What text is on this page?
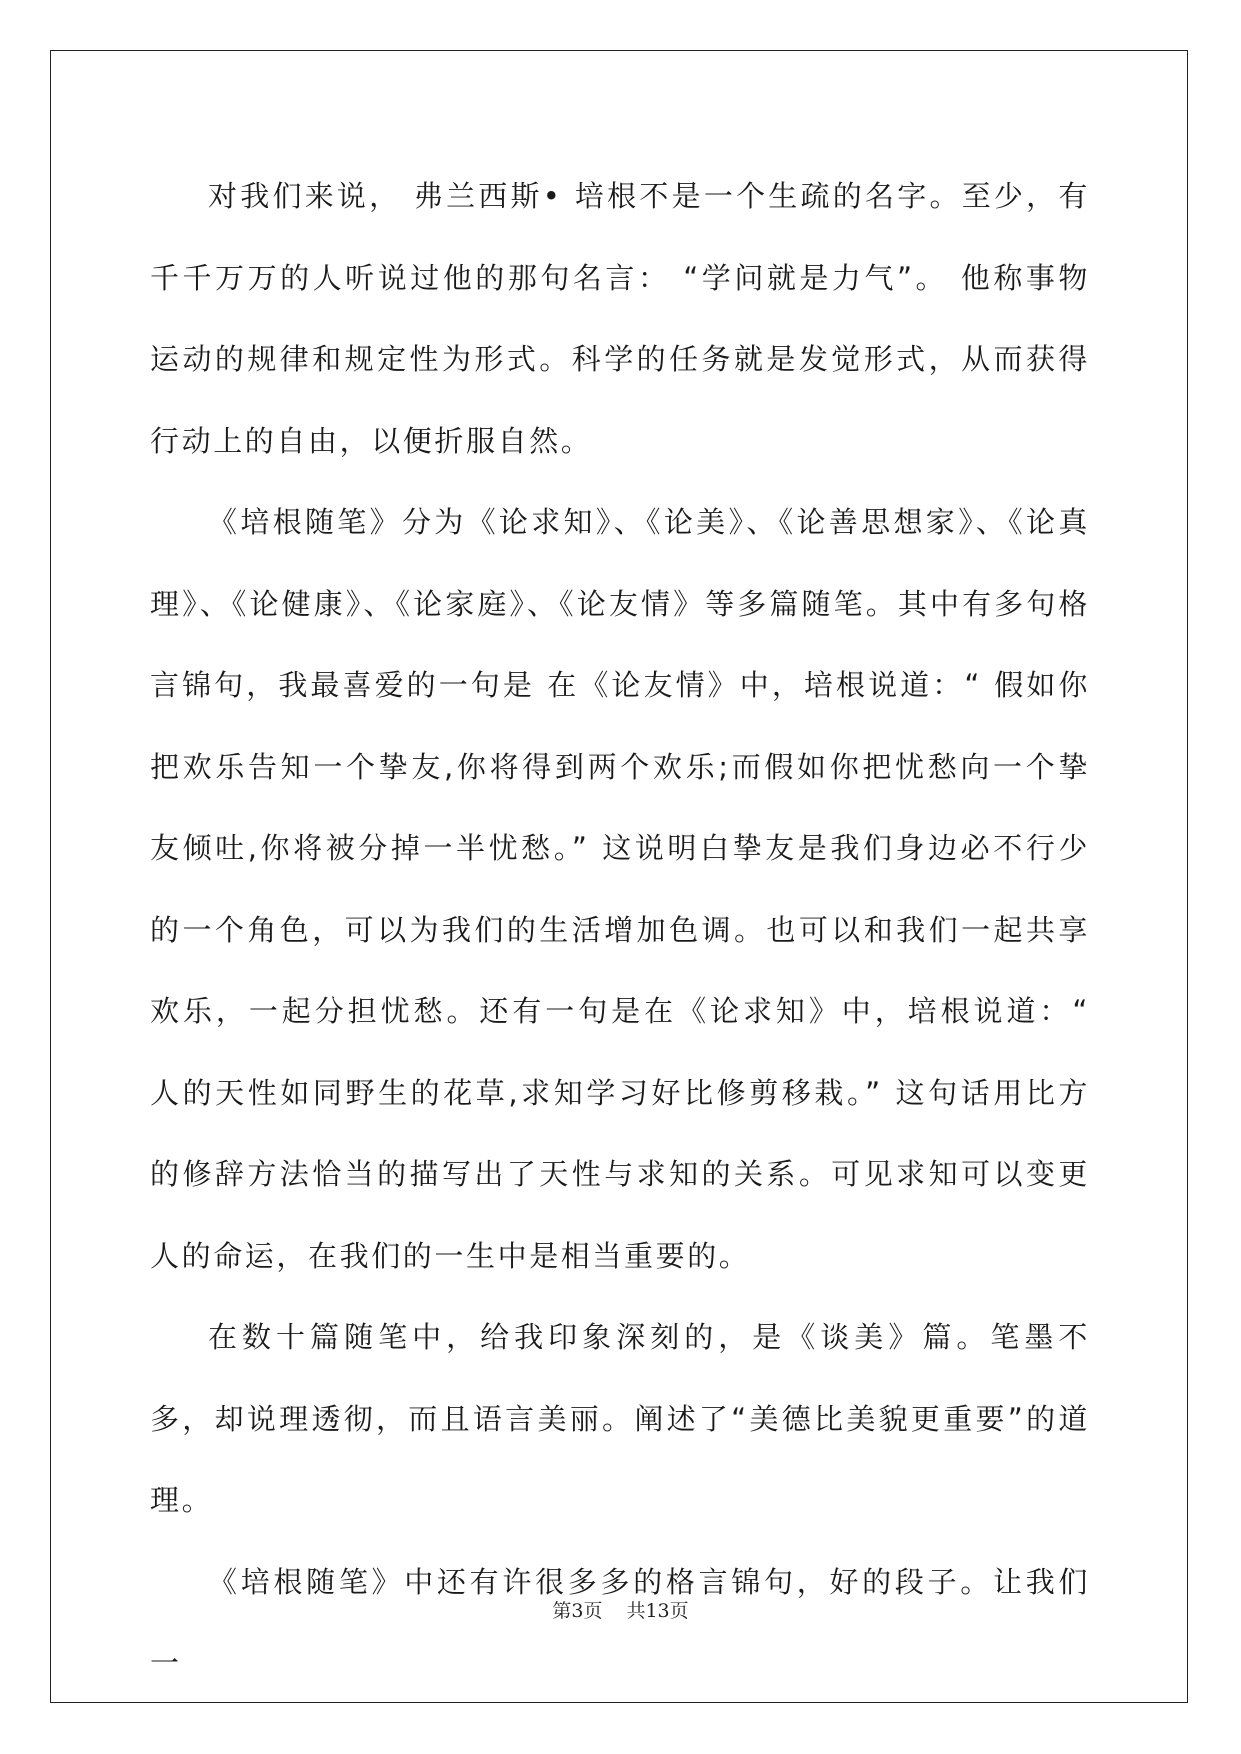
对我们来说， 弗兰西斯• 培根不是一个生疏的名字。至少，有千千万万的人听说过他的那句名言： “学问就是力气”。 他称事物运动的规律和规定性为形式。科学的任务就是发觉形式，从而获得行动上的自由，以便折服自然。

《培根随笔》分为《论求知》、《论美》、《论善思想家》、《论真理》、《论健康》、《论家庭》、《论友情》等多篇随笔。其中有多句格言锦句，我最喜爱的一句是 在《论友情》中，培根说道：“ 假如你把欢乐告知一个挚友,你将得到两个欢乐;而假如你把忧愁向一个挚友倾吐,你将被分掉一半忧愁。” 这说明白挚友是我们身边必不行少的一个角色，可以为我们的生活增加色调。也可以和我们一起共享欢乐，一起分担忧愁。还有一句是在《论求知》中，培根说道：“ 人的天性如同野生的花草,求知学习好比修剪移栽。” 这句话用比方的修辞方法恰当的描写出了天性与求知的关系。可见求知可以变更人的命运，在我们的一生中是相当重要的。

在数十篇随笔中，给我印象深刻的，是《谈美》篇。笔墨不多，却说理透彻，而且语言美丽。阐述了“美德比美貌更重要”的道理。

《培根随笔》中还有许很多多的格言锦句，好的段子。让我们一

第3页 共13页
